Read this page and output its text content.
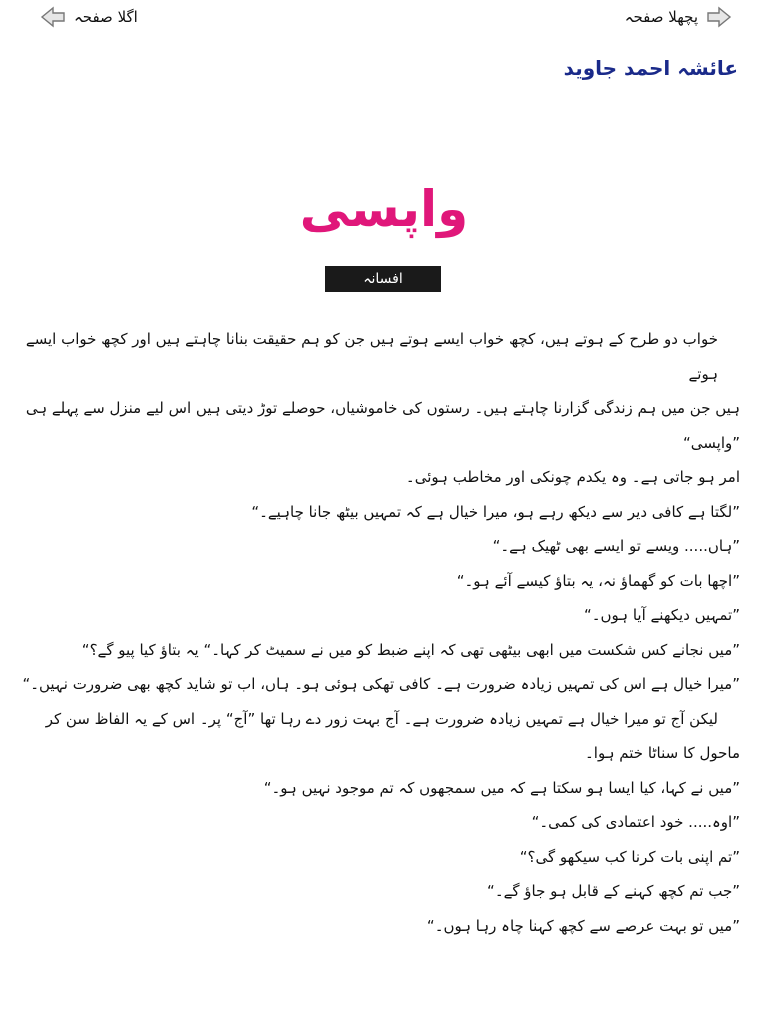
پچھلا صفحہ
اگلا صفحہ
عائشہ احمد جاوید
واپسی
افسانہ

خواب دو طرح کے ہوتے ہیں، کچھ خواب ایسے ہوتے ہیں جن کو ہم حقیقت بنانا چاہتے ہیں اور کچھ خواب ایسے ہوتے

ہیں جن میں ہم زندگی گزارنا چاہتے ہیں۔ رستوں کی خاموشیاں، حوصلے توڑ دیتی ہیں اس لیے منزل سے پہلے ہی ”واپسی“

امر ہو جاتی ہے۔ وہ یکدم چونکی اور مخاطب ہوئی۔

”لگتا ہے کافی دیر سے دیکھ رہے ہو، میرا خیال ہے کہ تمہیں بیٹھ جانا چاہیے۔“

”ہاں..... ویسے تو ایسے بھی ٹھیک ہے۔“

”اچھا بات کو گھماؤ نہ، یہ بتاؤ کیسے آئے ہو۔“

”تمہیں دیکھنے آیا ہوں۔“

”میں نجانے کس شکست میں ابھی بیٹھی تھی کہ اپنے ضبط کو میں نے سمیٹ کر کہا۔“ یہ بتاؤ کیا پیو گے؟“

”میرا خیال ہے اس کی تمہیں زیادہ ضرورت ہے۔ کافی تھکی ہوئی ہو۔ ہاں، اب تو شاید کچھ بھی ضرورت نہیں۔“

لیکن آج تو میرا خیال ہے تمہیں زیادہ ضرورت ہے۔ آج بہت زور دے رہا تھا ”آج“ پر۔ اس کے یہ الفاظ سن کر

ماحول کا سناٹا ختم ہوا۔

”میں نے کہا، کیا ایسا ہو سکتا ہے کہ میں سمجھوں کہ تم موجود نہیں ہو۔“

”اوہ..... خود اعتمادی کی کمی۔“

”تم اپنی بات کرنا کب سیکھو گی؟“

”جب تم کچھ کہنے کے قابل ہو جاؤ گے۔“

”میں تو بہت عرصے سے کچھ کہنا چاہ رہا ہوں۔“
